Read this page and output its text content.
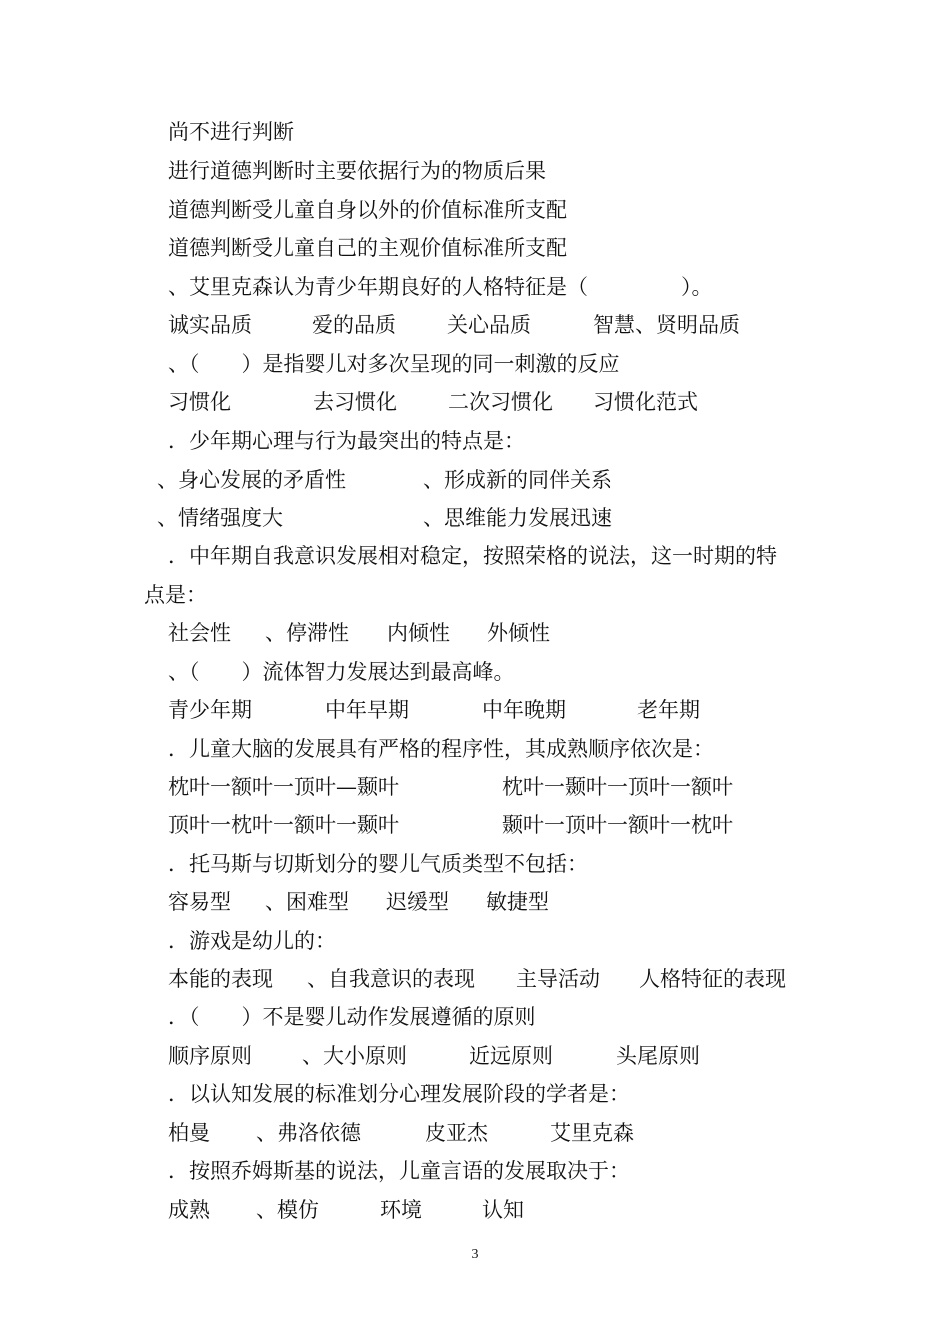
尚不进行判断
进行道德判断时主要依据行为的物质后果
道德判断受儿童自身以外的价值标准所支配
道德判断受儿童自己的主观价值标准所支配
、艾里克森认为青少年期良好的人格特征是（	）。
诚实品质	爱的品质 关心品质	智慧、贤明品质
、（　　）是指婴儿对多次呈现的同一刺激的反应
习惯化	去习惯化 二次习惯化 习惯化范式
．少年期心理与行为最突出的特点是：
、身心发展的矛盾性	、形成新的同伴关系
、情绪强度大	、思维能力发展迅速
．中年期自我意识发展相对稳定，按照荣格的说法，这一时期的特
点是：
社会性 、停滞性 内倾性 外倾性
、（　　）流体智力发展达到最高峰。
青少年期	中年早期	中年晚期	老年期
．儿童大脑的发展具有严格的程序性，其成熟顺序依次是：
枕叶一额叶一顶叶—颞叶	枕叶一颞叶一顶叶一额叶
顶叶一枕叶一额叶一颞叶	颞叶一顶叶一额叶一枕叶
．托马斯与切斯划分的婴儿气质类型不包括：
容易型 、困难型 迟缓型 敏捷型
．游戏是幼儿的：
本能的表现 、自我意识的表现 主导活动 人格特征的表现
．（　　）不是婴儿动作发展遵循的原则
顺序原则 、大小原则	近远原则	头尾原则
．以认知发展的标准划分心理发展阶段的学者是：
柏曼 、弗洛依德	皮亚杰	艾里克森
．按照乔姆斯基的说法，儿童言语的发展取决于：
成熟 、模仿	环境	认知
3
